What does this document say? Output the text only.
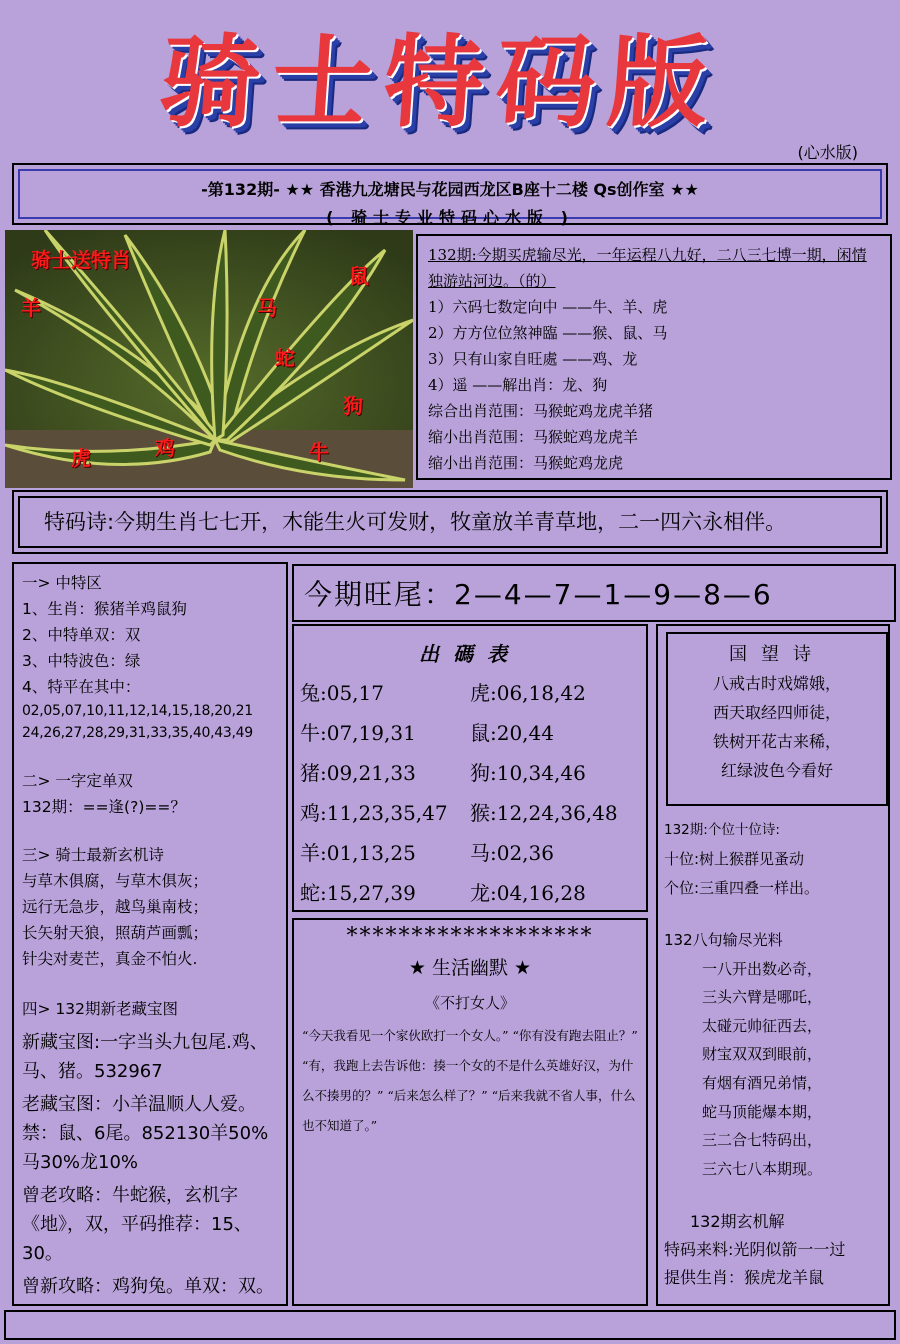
骑士特码版
(心水版)
-第132期- ★★ 香港九龙塘民与花园西龙区B座十二楼 Qs创作室 ★★
( 骑士专业特码心水版 )
骑士送特肖
鼠
羊	马
蛇
狗
虎	鸡	牛
132期:今期买虎输尽光，一年运程八九好，二八三七博一期，闲情独游站河边。（的）
1）六码七数定向中 ——牛、羊、虎
2）方方位位煞神臨 ——猴、鼠、马
3）只有山家自旺處 ——鸡、龙
4）遥 ——解出肖：龙、狗
综合出肖范围：马猴蛇鸡龙虎羊猪
缩小出肖范围：马猴蛇鸡龙虎羊
缩小出肖范围：马猴蛇鸡龙虎
特码诗:今期生肖七七开，木能生火可发财，牧童放羊青草地，二一四六永相伴。
一> 中特区
1、生肖：猴猪羊鸡鼠狗
2、中特单双：双
3、中特波色：绿
4、特平在其中：
02,05,07,10,11,12,14,15,18,20,21
24,26,27,28,29,31,33,35,40,43,49
二> 一字定单双
132期：==逢(?)==？
三> 骑士最新玄机诗
与草木俱腐，与草木俱灰；
远行无急步，越鸟巢南枝；
长矢射天狼，照葫芦画瓢；
针尖对麦芒，真金不怕火.
四> 132期新老藏宝图
新藏宝图:一字当头九包尾.鸡、马、猪。532967
老藏宝图：小羊温顺人人爱。禁：鼠、6尾。852130羊50%马30%龙10%
曾老攻略：牛蛇猴，玄机字《地》，双，平码推荐：15、30。
曾新攻略：鸡狗兔。单双：双。
今期旺尾：2—4—7—1—9—8—6
出碼表
兔:05,17	虎:06,18,42
牛:07,19,31	鼠:20,44
猪:09,21,33	狗:10,34,46
鸡:11,23,35,47	猴:12,24,36,48
羊:01,13,25	马:02,36
蛇:15,27,39	龙:04,16,28
*******************
★ 生活幽默 ★
《不打女人》
“今天我看见一个家伙欧打一个女人。” “你有没有跑去阻止？” “有，我跑上去告诉他：揍一个女的不是什么英雄好汉，为什么不揍男的？” “后来怎么样了？” “后来我就不省人事，什么也不知道了。”
国望诗
八戒古时戏嫦娥，
西天取经四师徒，
铁树开花古来稀，
红绿波色今看好
132期:个位十位诗:
十位:树上猴群见蚤动
个位:三重四叠一样出。
132八句输尽光料
一八开出数必奇，
三头六臂是哪吒，
太碰元帅征西去，
财宝双双到眼前，
有烟有酒兄弟情，
蛇马顶能爆本期，
三二合七特码出，
三六七八本期现。
132期玄机解
特码来料:光阴似箭一一过
提供生肖：猴虎龙羊鼠
